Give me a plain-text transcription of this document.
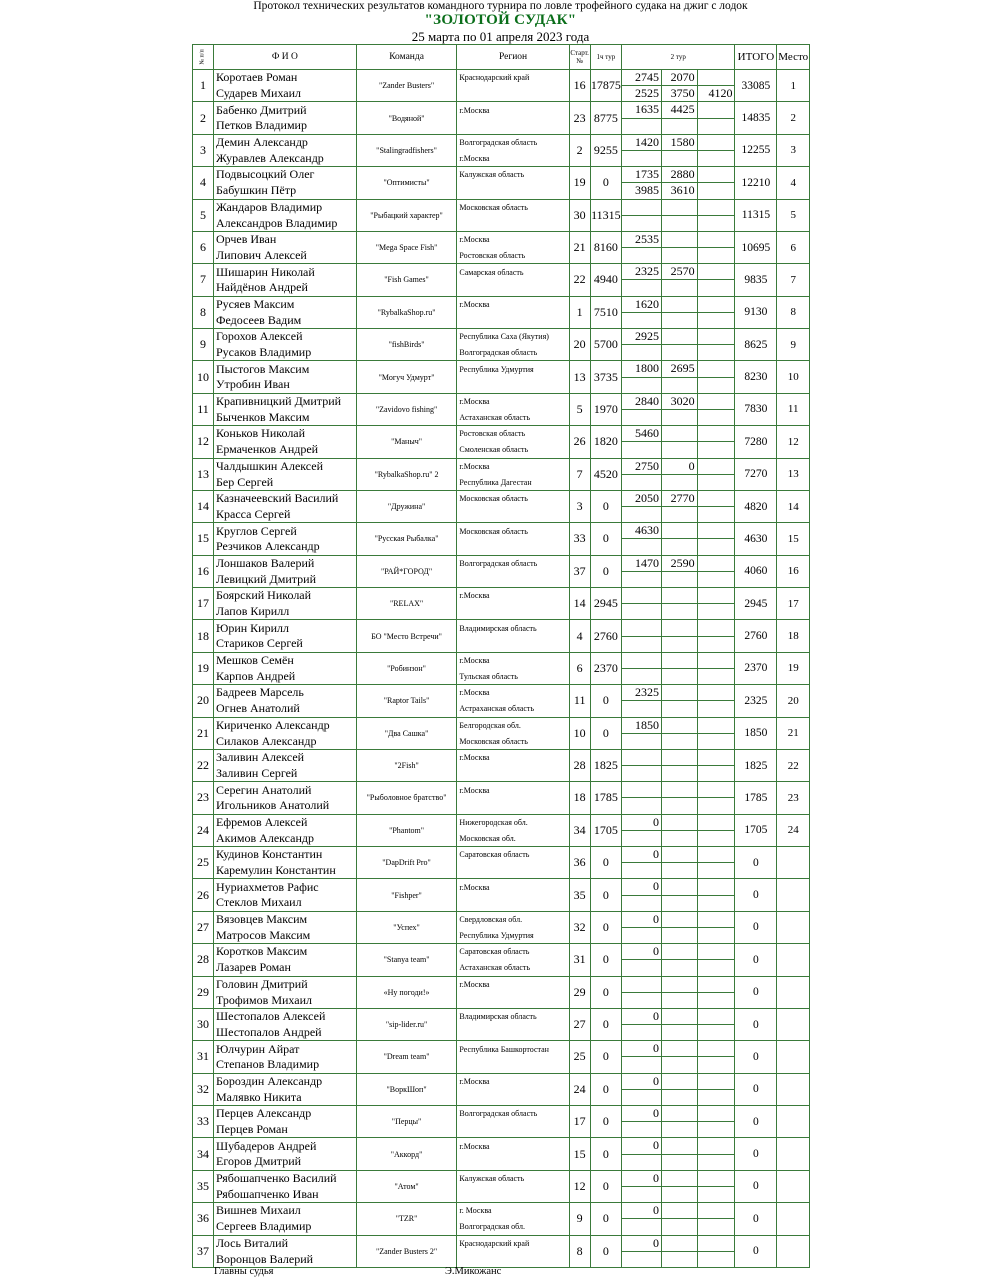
Протокол технических результатов командного турнира по ловле трофейного судака на джиг с лодок
"ЗОЛОТОЙ СУДАК"
25 марта по 01 апреля 2023 года
№ п/п	Ф И О	Команда	Регион	Старт. №	1ч тур	2 тур			ИТОГО	Место
1	Коротаев Роман	"Zander Busters"	Краснодарский край	16	17875	2745	2070		33085	1
	Сударев Михаил					2525	3750	4120		
2	Бабенко Дмитрий	"Водяной"	г.Москва	23	8775	1635	4425		14835	2
	Петков Владимир									
3	Демин Александр	"Stalingradfishers"	Волгоградская область	2	9255	1420	1580		12255	3
	Журавлев Александр		г.Москва							
4	Подвысоцкий Олег	"Оптимисты"	Калужская область	19	0	1735	2880		12210	4
	Бабушкин Пётр					3985	3610			
5	Жандаров Владимир	"Рыбацкий характер"	Московская область	30	11315				11315	5
	Александров Владимир									
6	Орчев Иван	"Mega Space Fish"	г.Москва	21	8160	2535			10695	6
	Липович Алексей		Ростовская область							
7	Шишарин Николай	"Fish Games"	Самарская область	22	4940	2325	2570		9835	7
	Найдёнов Андрей									
8	Русяев Максим	"RybalkaShop.ru"	г.Москва	1	7510	1620			9130	8
	Федосеев Вадим									
9	Горохов Алексей	"fishBirds"	Республика Саха (Якутия)	20	5700	2925			8625	9
	Русаков Владимир		Волгоградская область							
10	Пыстогов Максим	"Могуч Удмурт"	Республика Удмуртия	13	3735	1800	2695		8230	10
	Утробин Иван									
11	Крапивницкий Дмитрий	"Zavidovo fishing"	г.Москва	5	1970	2840	3020		7830	11
	Быченков Максим		Астаханская область							
12	Коньков Николай	"Маныч"	Ростовская область	26	1820	5460			7280	12
	Ермаченков Андрей		Смоленская область							
13	Чалдышкин Алексей	"RybalkaShop.ru" 2	г.Москва	7	4520	2750	0		7270	13
	Бер Сергей		Республика Дагестан							
14	Казначеевский Василий	"Дружина"	Московская область	3	0	2050	2770		4820	14
	Красса Сергей									
15	Круглов Сергей	"Русская Рыбалка"	Московская область	33	0	4630			4630	15
	Резчиков Александр									
16	Лоншаков Валерий	"РАЙ*ГОРОД"	Волгоградская область	37	0	1470	2590		4060	16
	Левицкий Дмитрий									
17	Боярский Николай	"RELAX"	г.Москва	14	2945				2945	17
	Лапов Кирилл									
18	Юрин Кирилл	БО "Место Встречи"	Владимирская область	4	2760				2760	18
	Стариков Сергей									
19	Мешков Семён	"Робинзон"	г.Москва	6	2370				2370	19
	Карпов Андрей		Тульская область							
20	Бадреев Марсель	"Raptor Tails"	г.Москва	11	0	2325			2325	20
	Огнев Анатолий		Астраханская область							
21	Кириченко Александр	"Два Сашка"	Белгородская обл.	10	0	1850			1850	21
	Силаков Александр		Московская область							
22	Заливин Алексей	"2Fish"	г.Москва	28	1825				1825	22
	Заливин Сергей									
23	Серегин Анатолий	"Рыболовное братство"	г.Москва	18	1785				1785	23
	Игольников Анатолий									
24	Ефремов Алексей	"Phantom"	Нижегородская обл.	34	1705	0			1705	24
	Акимов Александр		Московская обл.							
25	Кудинов Константин	"DapDrift Pro"	Саратовская область	36	0	0			0	
	Каремулин Константин									
26	Нуриахметов Рафис	"Fishper"	г.Москва	35	0	0			0	
	Стеклов Михаил									
27	Вязовцев Максим	"Успех"	Свердловская обл.	32	0	0			0	
	Матросов Максим		Республика Удмуртия							
28	Коротков Максим	"Stanya team"	Саратовская область	31	0	0			0	
	Лазарев Роман		Астаханская область							
29	Головин Дмитрий	«Ну погоди!»	г.Москва	29	0				0	
	Трофимов Михаил									
30	Шестопалов Алексей	"sip-lider.ru"	Владимирская область	27	0	0			0	
	Шестопалов Андрей									
31	Юлчурин Айрат	"Dream team"	Республика Башкортостан	25	0	0			0	
	Степанов Владимир									
32	Бороздин Александр	"ВоркШоп"	г.Москва	24	0	0			0	
	Малявко Никита									
33	Перцев Александр	"Перцы"	Волгоградская область	17	0	0			0	
	Перцев Роман									
34	Шубадеров Андрей	"Аккорд"	г.Москва	15	0	0			0	
	Егоров Дмитрий									
35	Рябошапченко Василий	"Атом"	Калужская область	12	0	0			0	
	Рябошапченко Иван									
36	Вишнев Михаил	"TZR"	г. Москва	9	0	0			0	
	Сергеев Владимир		Волгоградская обл.							
37	Лось Виталий	"Zander Busters 2"	Краснодарский край	8	0	0			0	
	Воронцов Валерий									
Главны судья	Э.Микожанс
